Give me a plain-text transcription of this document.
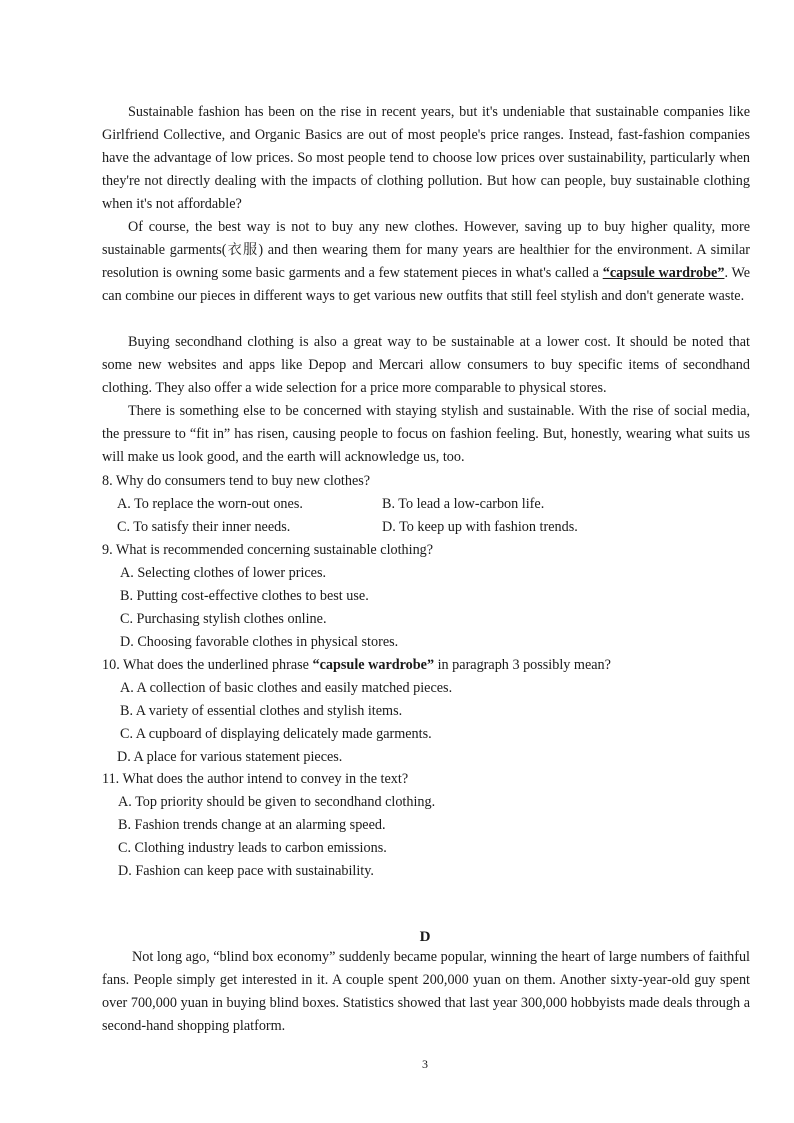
Sustainable fashion has been on the rise in recent years, but it's undeniable that sustainable companies like Girlfriend Collective, and Organic Basics are out of most people's price ranges. Instead, fast-fashion companies have the advantage of low prices. So most people tend to choose low prices over sustainability, particularly when they're not directly dealing with the impacts of clothing pollution. But how can people, buy sustainable clothing when it's not affordable?

Of course, the best way is not to buy any new clothes. However, saving up to buy higher quality, more sustainable garments(衣服) and then wearing them for many years are healthier for the environment. A similar resolution is owning some basic garments and a few statement pieces in what's called a “capsule wardrobe”. We can combine our pieces in different ways to get various new outfits that still feel stylish and don't generate waste.

Buying secondhand clothing is also a great way to be sustainable at a lower cost. It should be noted that some new websites and apps like Depop and Mercari allow consumers to buy specific items of secondhand clothing. They also offer a wide selection for a price more comparable to physical stores.

There is something else to be concerned with staying stylish and sustainable. With the rise of social media, the pressure to “fit in” has risen, causing people to focus on fashion feeling. But, honestly, wearing what suits us will make us look good, and the earth will acknowledge us, too.

8. Why do consumers tend to buy new clothes?

A. To replace the worn-out ones.	B. To lead a low-carbon life.

C. To satisfy their inner needs.	D. To keep up with fashion trends.

9. What is recommended concerning sustainable clothing?

A. Selecting clothes of lower prices.

B. Putting cost-effective clothes to best use.

C. Purchasing stylish clothes online.

D. Choosing favorable clothes in physical stores.

10. What does the underlined phrase “capsule wardrobe” in paragraph 3 possibly mean?

A. A collection of basic clothes and easily matched pieces.

B. A variety of essential clothes and stylish items.

C. A cupboard of displaying delicately made garments.

D. A place for various statement pieces.

11. What does the author intend to convey in the text?

A. Top priority should be given to secondhand clothing.

B. Fashion trends change at an alarming speed.

C. Clothing industry leads to carbon emissions.

D. Fashion can keep pace with sustainability.

D

Not long ago, “blind box economy” suddenly became popular, winning the heart of large numbers of faithful fans. People simply get interested in it. A couple spent 200,000 yuan on them. Another sixty-year-old guy spent over 700,000 yuan in buying blind boxes. Statistics showed that last year 300,000 hobbyists made deals through a second-hand shopping platform.

3
